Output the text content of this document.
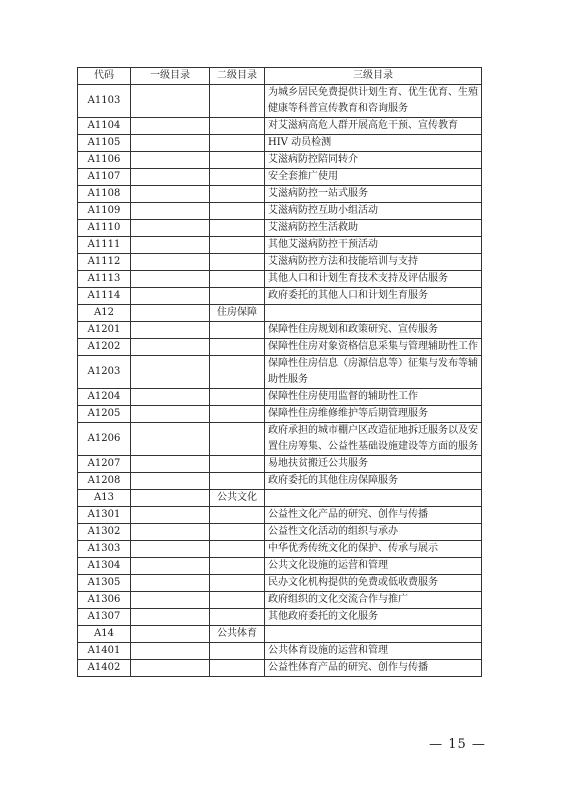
代码	一级目录	二级目录	三级目录
A1103			为城乡居民免费提供计划生育、优生优育、生殖健康等科普宣传教育和咨询服务
A1104			对艾滋病高危人群开展高危干预、宣传教育
A1105			HIV 动员检测
A1106			艾滋病防控陪同转介
A1107			安全套推广使用
A1108			艾滋病防控一站式服务
A1109			艾滋病防控互助小组活动
A1110			艾滋病防控生活救助
A1111			其他艾滋病防控干预活动
A1112			艾滋病防控方法和技能培训与支持
A1113			其他人口和计划生育技术支持及评估服务
A1114			政府委托的其他人口和计划生育服务
A12		住房保障	
A1201			保障性住房规划和政策研究、宣传服务
A1202			保障性住房对象资格信息采集与管理辅助性工作
A1203			保障性住房信息（房源信息等）征集与发布等辅助性服务
A1204			保障性住房使用监督的辅助性工作
A1205			保障性住房维修维护等后期管理服务
A1206			政府承担的城市棚户区改造征地拆迁服务以及安置住房筹集、公益性基础设施建设等方面的服务
A1207			易地扶贫搬迁公共服务
A1208			政府委托的其他住房保障服务
A13		公共文化	
A1301			公益性文化产品的研究、创作与传播
A1302			公益性文化活动的组织与承办
A1303			中华优秀传统文化的保护、传承与展示
A1304			公共文化设施的运营和管理
A1305			民办文化机构提供的免费或低收费服务
A1306			政府组织的文化交流合作与推广
A1307			其他政府委托的文化服务
A14		公共体育	
A1401			公共体育设施的运营和管理
A1402			公益性体育产品的研究、创作与传播
— 15 —
